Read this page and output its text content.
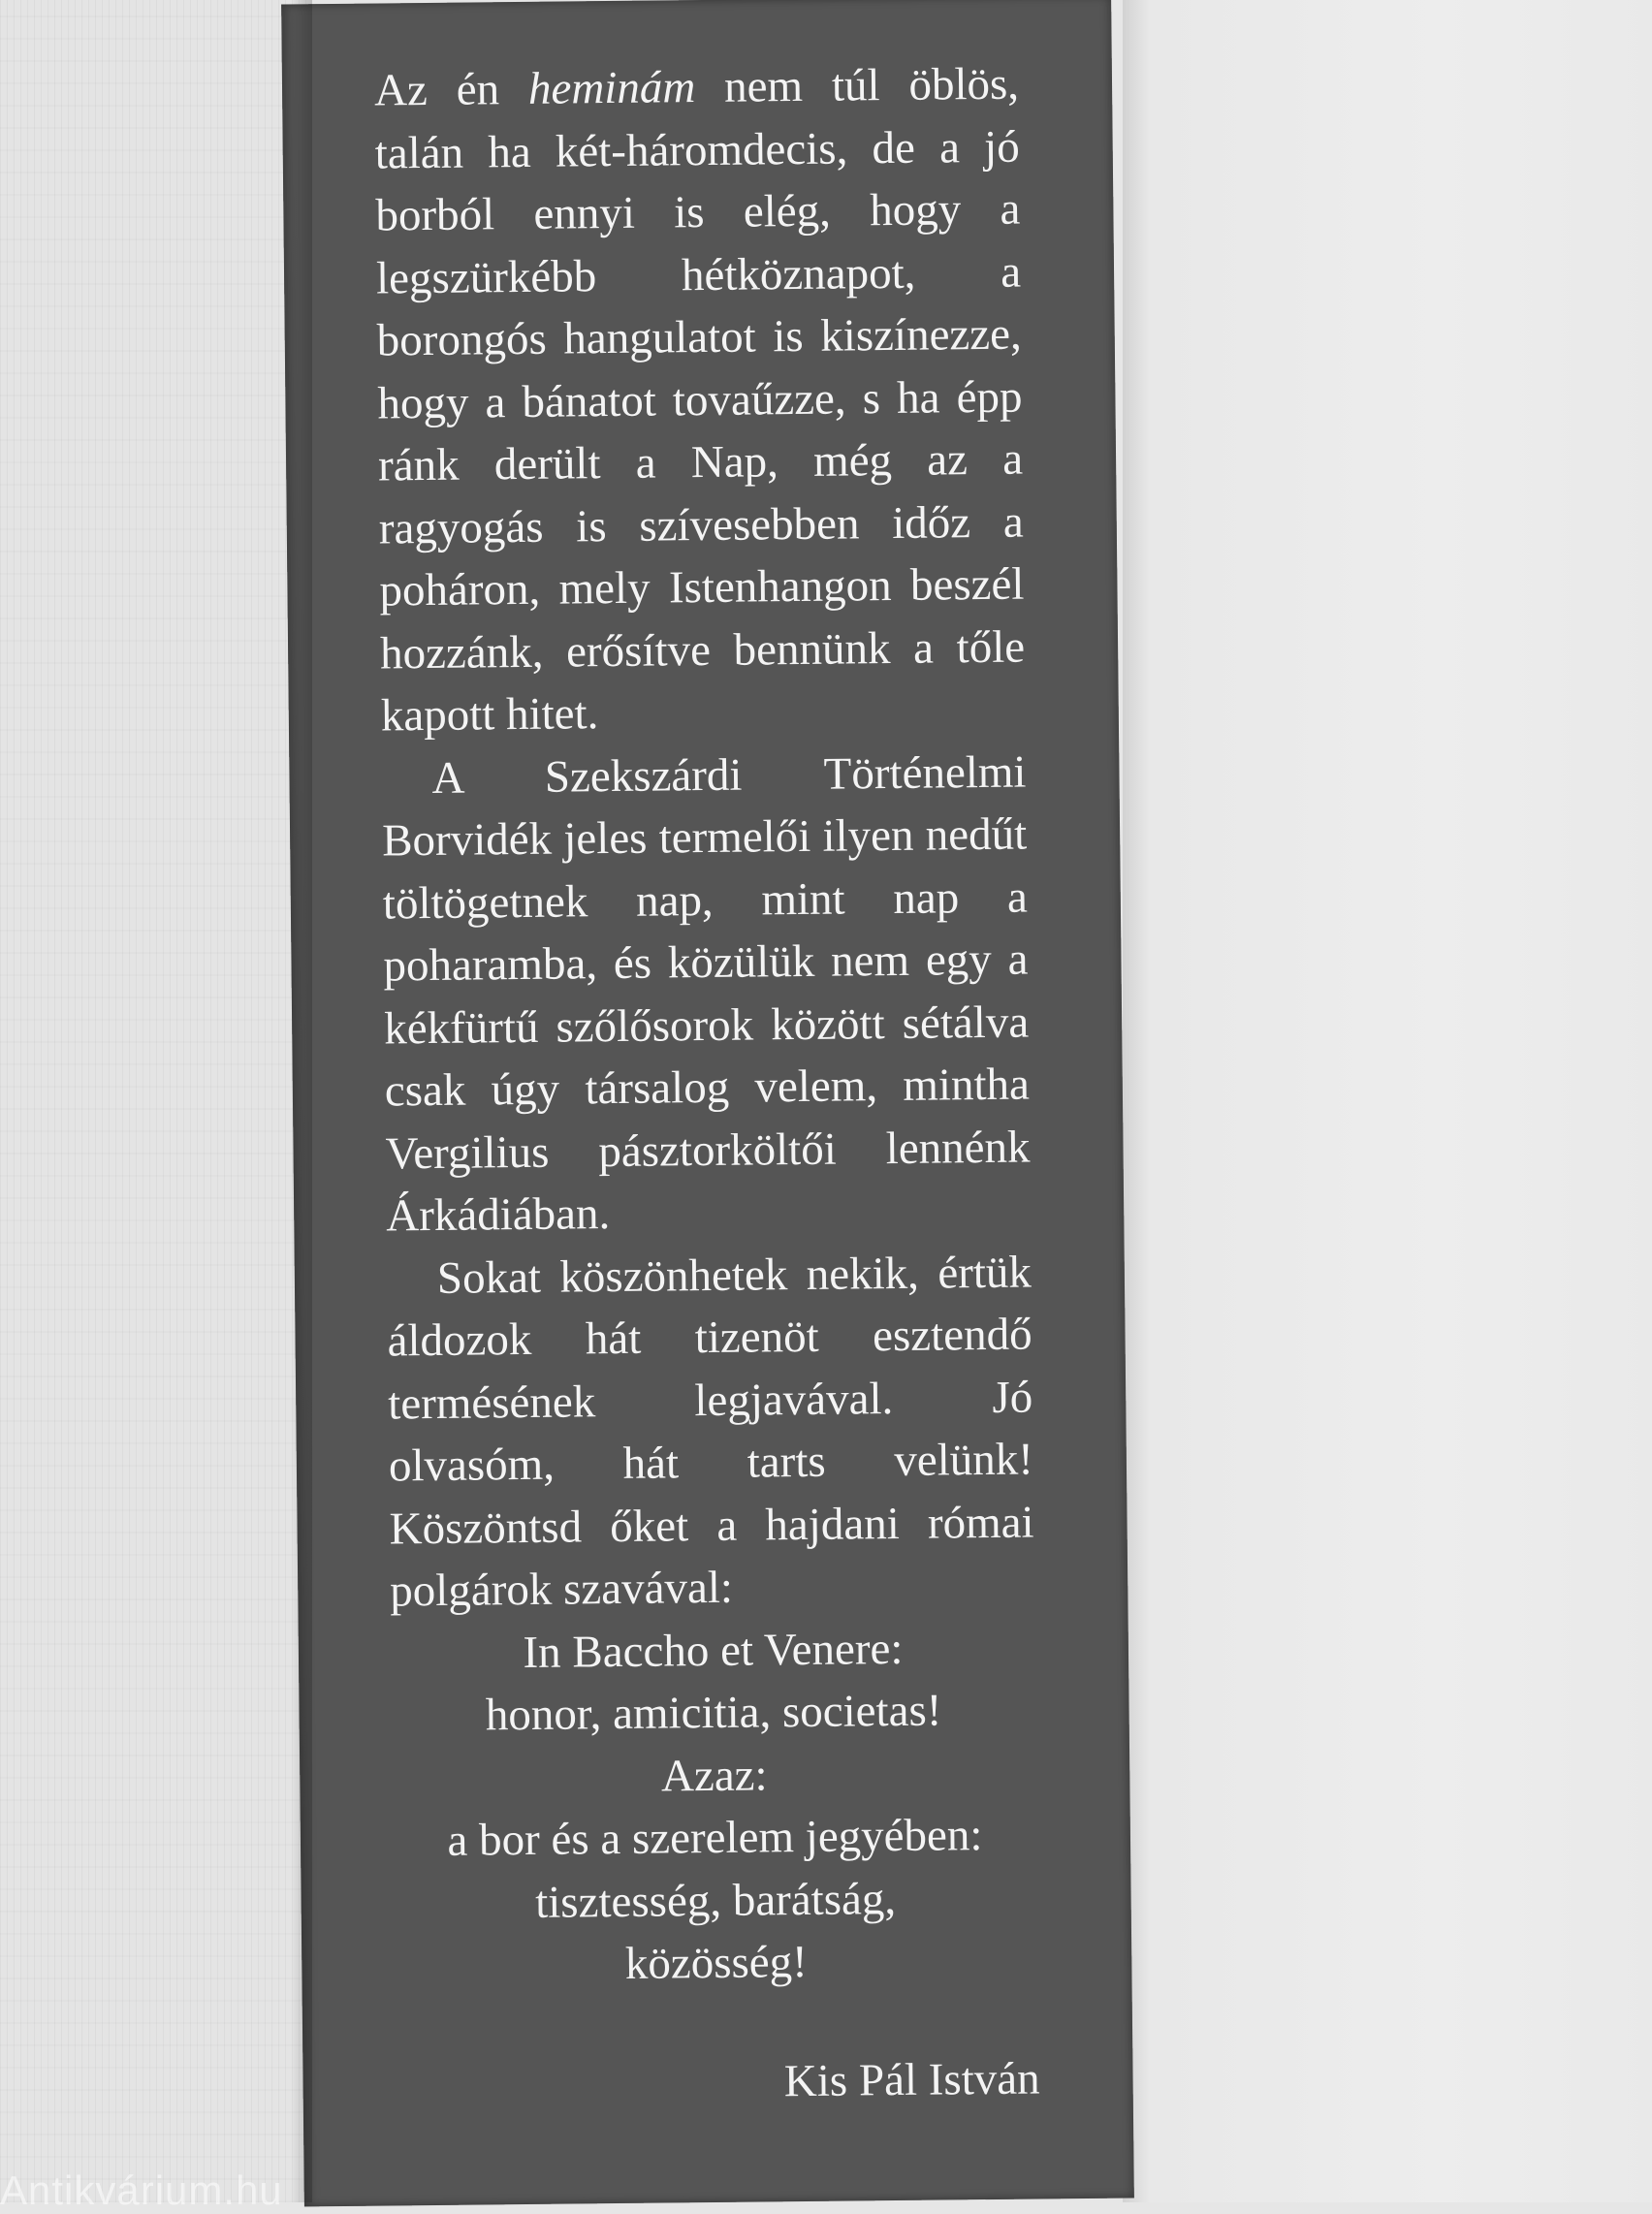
Az én heminám nem túl öblös, talán ha két-háromdecis, de a jó borból ennyi is elég, hogy a legszürkébb hétköznapot, a borongós hangulatot is kiszínezze, hogy a bánatot tovaűzze, s ha épp ránk derült a Nap, még az a ragyogás is szívesebben időz a poháron, mely Istenhangon beszél hozzánk, erősítve bennünk a tőle kapott hitet.

A Szekszárdi Történelmi Borvidék jeles termelői ilyen nedűt töltögetnek nap, mint nap a poharamba, és közülük nem egy a kékfürtű szőlősorok között sétálva csak úgy társalog velem, mintha Vergilius pásztorköltői lennénk Árkádiában.

Sokat köszönhetek nekik, értük áldozok hát tizenöt esztendő termésének legjavával. Jó olvasóm, hát tarts velünk! Köszöntsd őket a hajdani római polgárok szavával:

In Baccho et Venere:
honor, amicitia, societas!
Azaz:
a bor és a szerelem jegyében:
tisztesség, barátság,
közösség!
Kis Pál István
Antikvárium.hu
